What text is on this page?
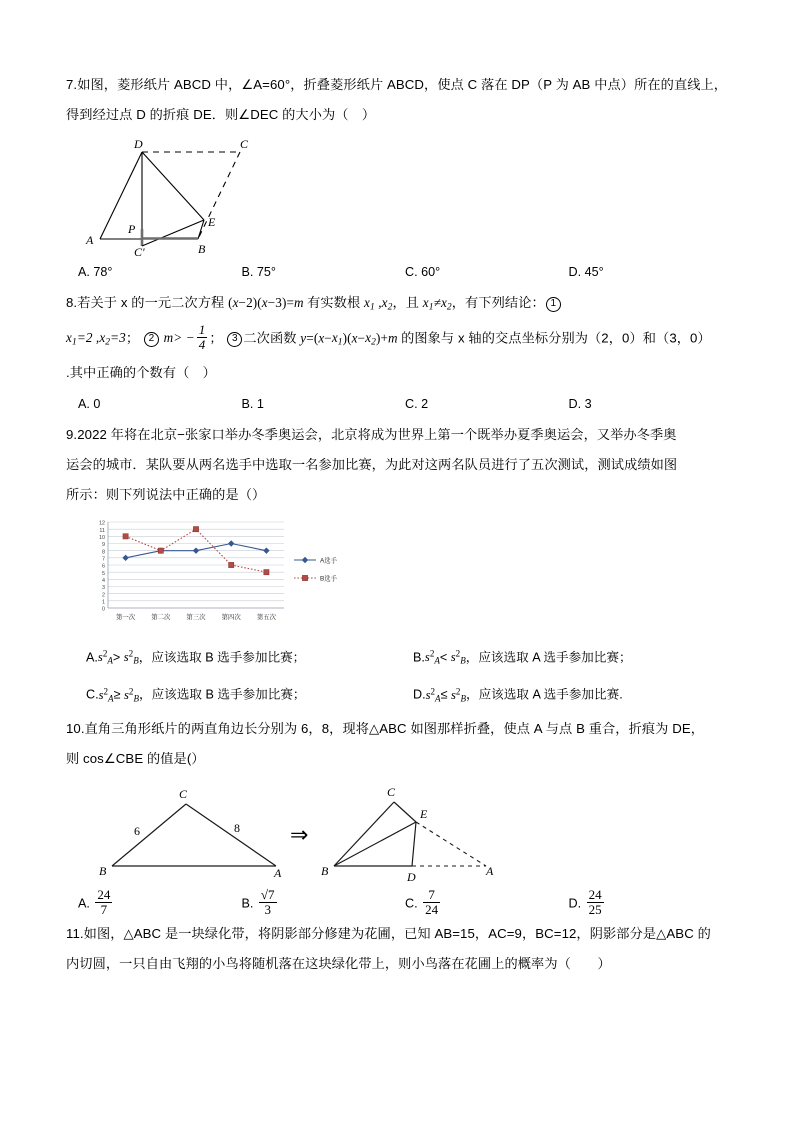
7.如图，菱形纸片 ABCD 中，∠A=60°，折叠菱形纸片 ABCD，使点 C 落在 DP（P 为 AB 中点）所在的直线上，
得到经过点 D 的折痕 DE．则∠DEC 的大小为（　）
D	C
A
B
E
P
C'
A. 78°	B. 75°	C. 60°	D. 45°
8.若关于 x 的一元二次方程 (x−2)(x−3)=m 有实数根 $x_1$ $,x_2$，且 $x_1\ne x_2$，有下列结论： 1
$x_1=2$ $,x_2=3$； 2 $m> - \frac{1}{4}$ ； 3 二次函数 $y=(x-x_1)(x-x_2)+m$ 的图象与 x 轴的交点坐标分别为（2，0）和（3，0）
.其中正确的个数有（　）
A. 0	B. 1	C. 2	D. 3
9.2022 年将在北京−张家口举办冬季奥运会，北京将成为世界上第一个既举办夏季奥运会，又举办冬季奥
运会的城市．某队要从两名选手中选取一名参加比赛，为此对这两名队员进行了五次测试，测试成绩如图
所示：则下列说法中正确的是（）
0
1
2
3
4
5
6
7
8
9
10
11
12
第一次	第二次	第三次	第四次	第五次
A选手
B选手
$A.s^2_A> s^2_B$，应该选取 B 选手参加比赛；	$B.s^2_A< s^2_B$，应该选取 A 选手参加比赛；
$C.s^2_A\ge s^2_B$，应该选取 B 选手参加比赛；	$D.s^2_A\le s^2_B$，应该选取 A 选手参加比赛.
10.直角三角形纸片的两直角边长分别为 6，8，现将△ABC 如图那样折叠，使点 A 与点 B 重合，折痕为 DE，
则 cos∠CBE 的值是(）
C
B	A
6	8 ⇒
C
E
B	D	A
A. $\frac{24}{7}$	B. $\frac{√7}{3}$	C. $\frac{7}{24}$	D. $\frac{24}{25}$
11.如图，△ABC 是一块绿化带，将阴影部分修建为花圃，已知 AB=15，AC=9，BC=12，阴影部分是△ABC 的
内切圆，一只自由飞翔的小鸟将随机落在这块绿化带上，则小鸟落在花圃上的概率为（　　）
